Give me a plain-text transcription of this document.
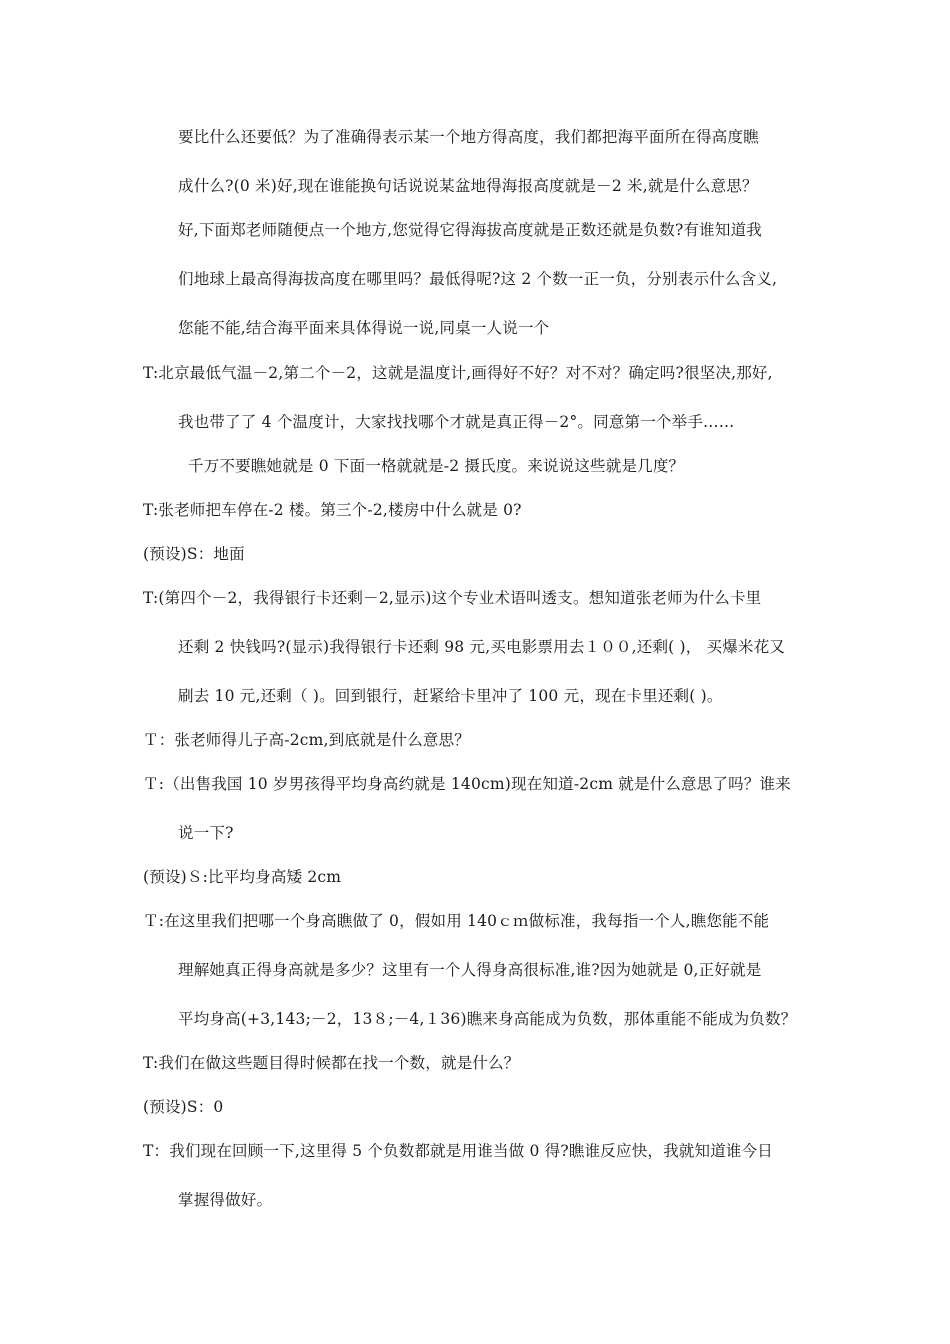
要比什么还要低？为了准确得表示某一个地方得高度，我们都把海平面所在得高度瞧
成什么?(0 米)好,现在谁能换句话说说某盆地得海报高度就是－2 米,就是什么意思？
好,下面郑老师随便点一个地方,您觉得它得海拔高度就是正数还就是负数?有谁知道我
们地球上最高得海拔高度在哪里吗？最低得呢?这 2 个数一正一负，分别表示什么含义,
您能不能,结合海平面来具体得说一说,同桌一人说一个
T:北京最低气温－2,第二个－2，这就是温度计,画得好不好？对不对？确定吗?很坚决,那好,
我也带了了 4 个温度计，大家找找哪个才就是真正得－2°。同意第一个举手……
千万不要瞧她就是 0 下面一格就就是-2 摄氏度。来说说这些就是几度？
T:张老师把车停在-2 楼。第三个-2,楼房中什么就是 0?
(预设)S：地面
T:(第四个－2，我得银行卡还剩－2,显示)这个专业术语叫透支。想知道张老师为什么卡里
还剩 2 快钱吗?(显示)我得银行卡还剩 98 元,买电影票用去１００,还剩( )， 买爆米花又
刷去 10 元,还剩（ )。回到银行，赶紧给卡里冲了 100 元，现在卡里还剩( )。
Ｔ：张老师得儿子高-2cm,到底就是什么意思？
Ｔ:（出售我国 10 岁男孩得平均身高约就是 140cm)现在知道-2cm 就是什么意思了吗？谁来
说一下?
(预设)Ｓ:比平均身高矮 2cm
Ｔ:在这里我们把哪一个身高瞧做了 0，假如用 140ｃｍ做标准，我每指一个人,瞧您能不能
理解她真正得身高就是多少？这里有一个人得身高很标准,谁?因为她就是 0,正好就是
平均身高(+3,143;－2，13８;－4,１36)瞧来身高能成为负数，那体重能不能成为负数？
T:我们在做这些题目得时候都在找一个数，就是什么？
(预设)S：0
T：我们现在回顾一下,这里得 5 个负数都就是用谁当做 0 得?瞧谁反应快，我就知道谁今日
掌握得做好。
